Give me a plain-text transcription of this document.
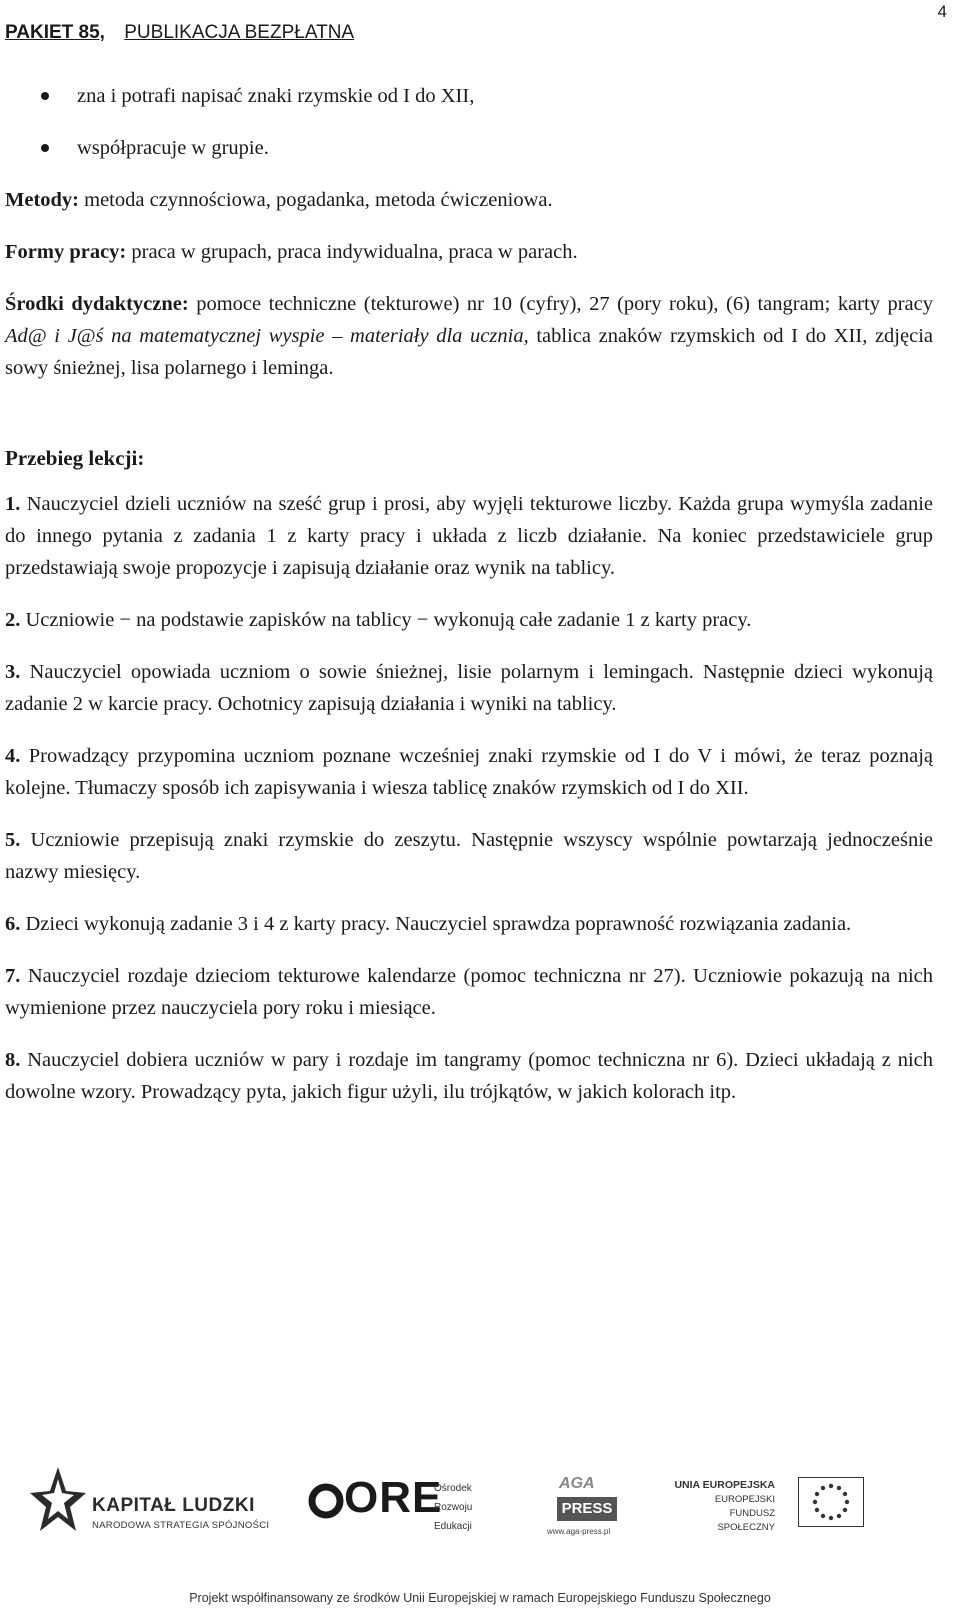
PAKIET 85, PUBLIKACJA BEZPŁATNA
4
zna i potrafi napisać znaki rzymskie od I do XII,
współpracuje w grupie.

Metody: metoda czynnościowa, pogadanka, metoda ćwiczeniowa.

Formy pracy: praca w grupach, praca indywidualna, praca w parach.

Środki dydaktyczne: pomoce techniczne (tekturowe) nr 10 (cyfry), 27 (pory roku), (6) tangram; karty pracy Ad@ i J@ś na matematycznej wyspie – materiały dla ucznia, tablica znaków rzymskich od I do XII, zdjęcia sowy śnieżnej, lisa polarnego i leminga.

Przebieg lekcji:

1. Nauczyciel dzieli uczniów na sześć grup i prosi, aby wyjęli tekturowe liczby. Każda grupa wymyśla zadanie do innego pytania z zadania 1 z karty pracy i układa z liczb działanie. Na koniec przedstawiciele grup przedstawiają swoje propozycje i zapisują działanie oraz wynik na tablicy.

2. Uczniowie − na podstawie zapisków na tablicy − wykonują całe zadanie 1 z karty pracy.

3. Nauczyciel opowiada uczniom o sowie śnieżnej, lisie polarnym i lemingach. Następnie dzieci wykonują zadanie 2 w karcie pracy. Ochotnicy zapisują działania i wyniki na tablicy.

4. Prowadzący przypomina uczniom poznane wcześniej znaki rzymskie od I do V i mówi, że teraz poznają kolejne. Tłumaczy sposób ich zapisywania i wiesza tablicę znaków rzymskich od I do XII.

5. Uczniowie przepisują znaki rzymskie do zeszytu. Następnie wszyscy wspólnie powtarzają jednocześnie nazwy miesięcy.

6. Dzieci wykonują zadanie 3 i 4 z karty pracy. Nauczyciel sprawdza poprawność rozwiązania zadania.

7. Nauczyciel rozdaje dzieciom tekturowe kalendarze (pomoc techniczna nr 27). Uczniowie pokazują na nich wymienione przez nauczyciela pory roku i miesiące.

8. Nauczyciel dobiera uczniów w pary i rozdaje im tangramy (pomoc techniczna nr 6). Dzieci układają z nich dowolne wzory. Prowadzący pyta, jakich figur użyli, ilu trójkątów, w jakich kolorach itp.

KAPITAŁ LUDZKI
NARODOWA STRATEGIA SPÓJNOŚCI
ORE
Ośrodek
Rozwoju
Edukacji
AGA
PRESS
www.aga-press.pl
UNIA EUROPEJSKA
EUROPEJSKI
FUNDUSZ SPOŁECZNY
Projekt współfinansowany ze środków Unii Europejskiej w ramach Europejskiego Funduszu Społecznego
